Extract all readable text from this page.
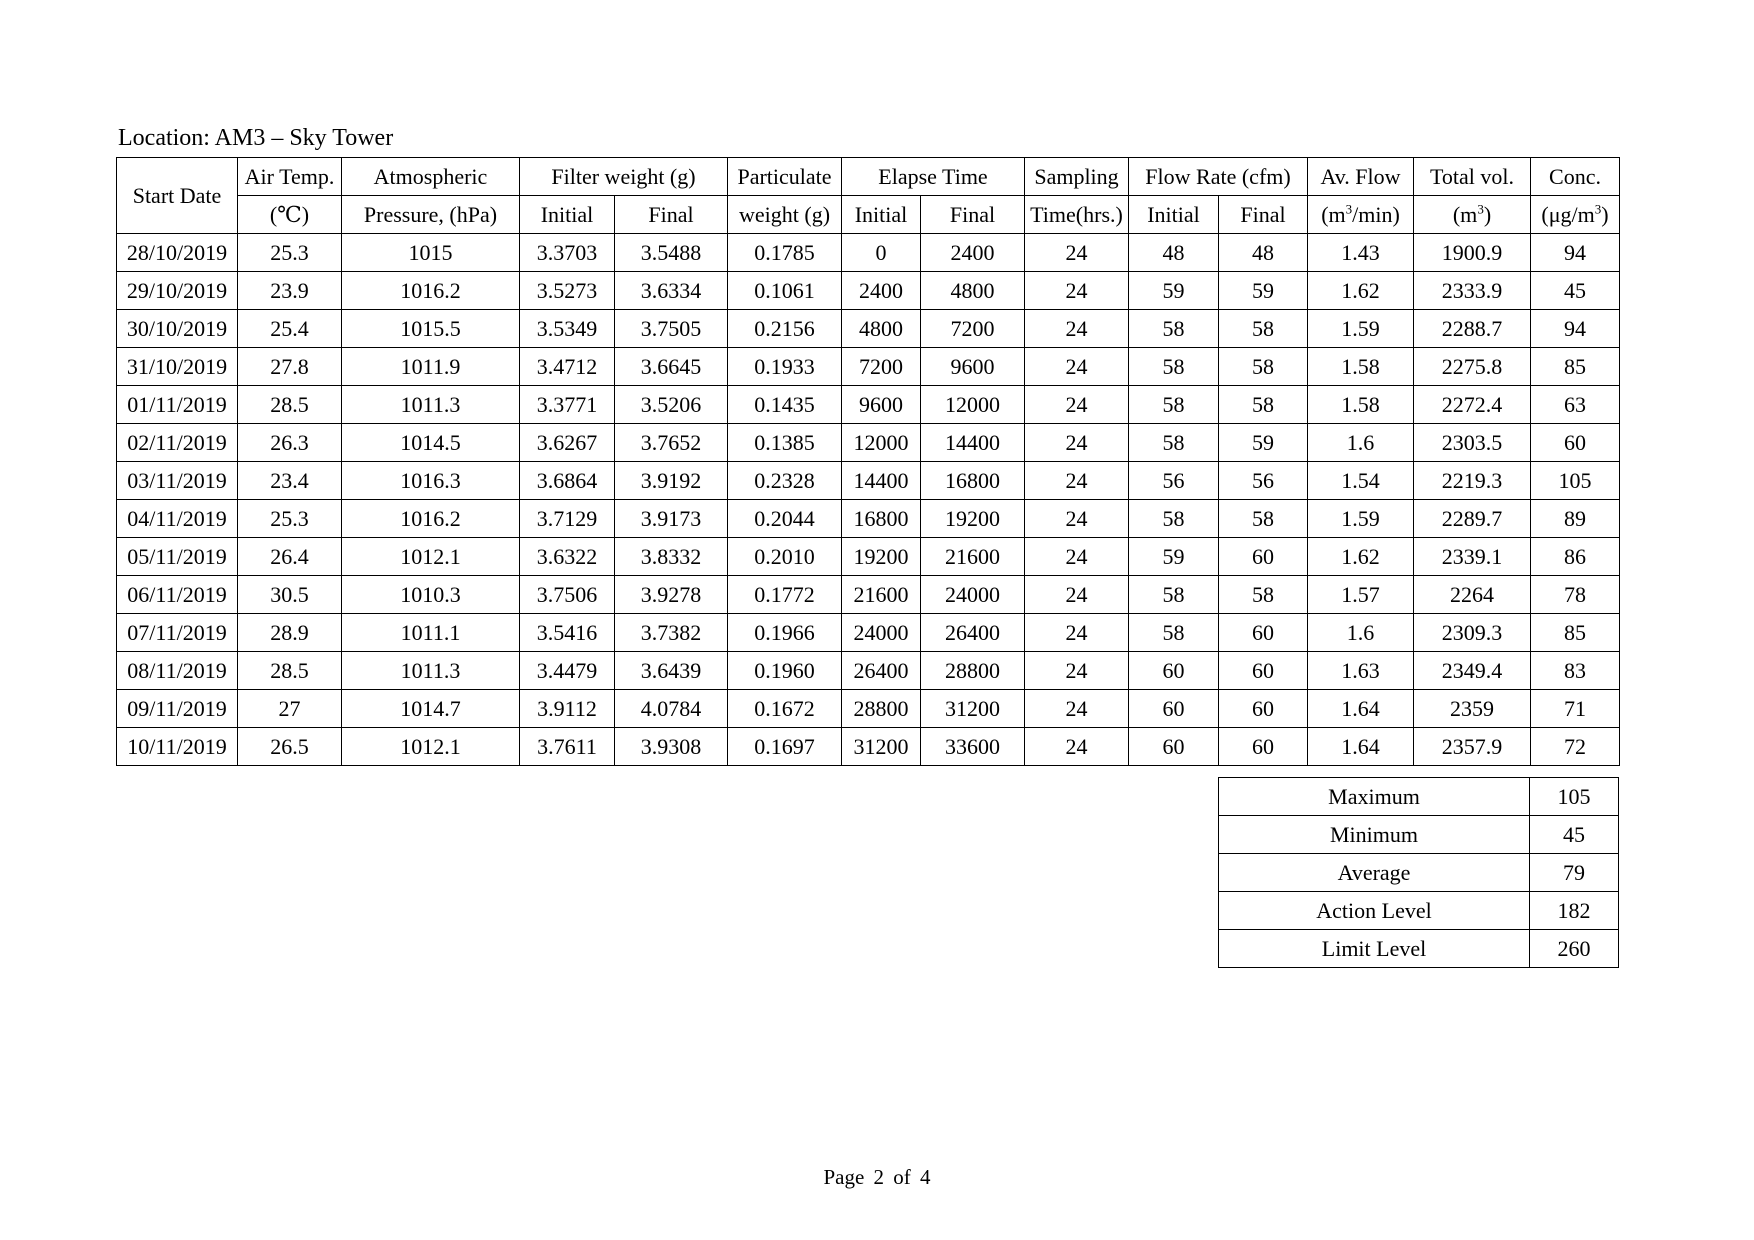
Location: AM3 – Sky Tower
Start Date	Air Temp.	Atmospheric	Filter weight (g)		Particulate	Elapse Time		Sampling	Flow Rate (cfm)		Av. Flow	Total vol.	Conc.
	(℃)	Pressure, (hPa)	Initial	Final	weight (g)	Initial	Final	Time(hrs.)	Initial	Final	$(m^3/\min)$	$(m^3)$	$(\mu g/m^3)$
28/10/2019	25.3	1015	3.3703	3.5488	0.1785	0	2400	24	48	48	1.43	1900.9	94
29/10/2019	23.9	1016.2	3.5273	3.6334	0.1061	2400	4800	24	59	59	1.62	2333.9	45
30/10/2019	25.4	1015.5	3.5349	3.7505	0.2156	4800	7200	24	58	58	1.59	2288.7	94
31/10/2019	27.8	1011.9	3.4712	3.6645	0.1933	7200	9600	24	58	58	1.58	2275.8	85
01/11/2019	28.5	1011.3	3.3771	3.5206	0.1435	9600	12000	24	58	58	1.58	2272.4	63
02/11/2019	26.3	1014.5	3.6267	3.7652	0.1385	12000	14400	24	58	59	1.6	2303.5	60
03/11/2019	23.4	1016.3	3.6864	3.9192	0.2328	14400	16800	24	56	56	1.54	2219.3	105
04/11/2019	25.3	1016.2	3.7129	3.9173	0.2044	16800	19200	24	58	58	1.59	2289.7	89
05/11/2019	26.4	1012.1	3.6322	3.8332	0.2010	19200	21600	24	59	60	1.62	2339.1	86
06/11/2019	30.5	1010.3	3.7506	3.9278	0.1772	21600	24000	24	58	58	1.57	2264	78
07/11/2019	28.9	1011.1	3.5416	3.7382	0.1966	24000	26400	24	58	60	1.6	2309.3	85
08/11/2019	28.5	1011.3	3.4479	3.6439	0.1960	26400	28800	24	60	60	1.63	2349.4	83
09/11/2019	27	1014.7	3.9112	4.0784	0.1672	28800	31200	24	60	60	1.64	2359	71
10/11/2019	26.5	1012.1	3.7611	3.9308	0.1697	31200	33600	24	60	60	1.64	2357.9	72
Maximum	105
Minimum	45
Average	79
Action Level	182
Limit Level	260
Page 2 of 4
